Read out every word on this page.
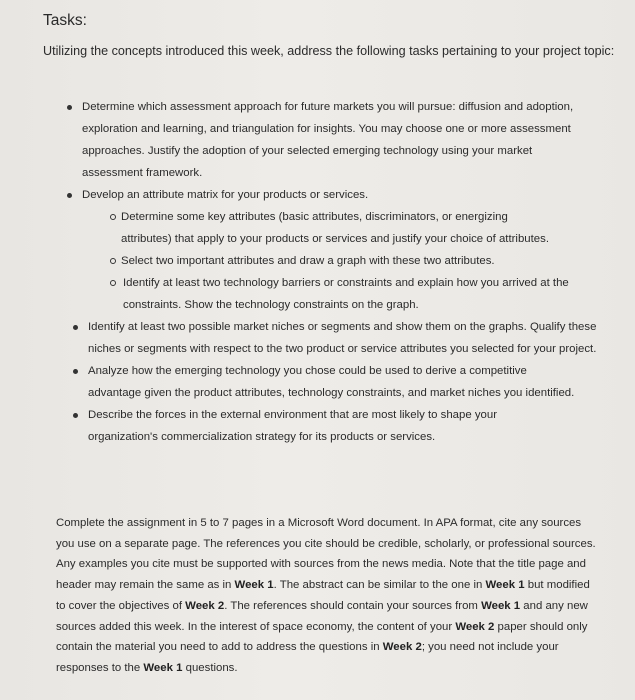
Tasks:
Utilizing the concepts introduced this week, address the following tasks pertaining to your project topic:
Determine which assessment approach for future markets you will pursue: diffusion and adoption, exploration and learning, and triangulation for insights. You may choose one or more assessment approaches. Justify the adoption of your selected emerging technology using your market assessment framework.
Develop an attribute matrix for your products or services.
Determine some key attributes (basic attributes, discriminators, or energizing attributes) that apply to your products or services and justify your choice of attributes.
Select two important attributes and draw a graph with these two attributes.
Identify at least two technology barriers or constraints and explain how you arrived at the constraints. Show the technology constraints on the graph.
Identify at least two possible market niches or segments and show them on the graphs. Qualify these niches or segments with respect to the two product or service attributes you selected for your project.
Analyze how the emerging technology you chose could be used to derive a competitive advantage given the product attributes, technology constraints, and market niches you identified.
Describe the forces in the external environment that are most likely to shape your organization's commercialization strategy for its products or services.
Complete the assignment in 5 to 7 pages in a Microsoft Word document. In APA format, cite any sources you use on a separate page. The references you cite should be credible, scholarly, or professional sources. Any examples you cite must be supported with sources from the news media. Note that the title page and header may remain the same as in Week 1. The abstract can be similar to the one in Week 1 but modified to cover the objectives of Week 2. The references should contain your sources from Week 1 and any new sources added this week. In the interest of space economy, the content of your Week 2 paper should only contain the material you need to add to address the questions in Week 2; you need not include your responses to the Week 1 questions.
